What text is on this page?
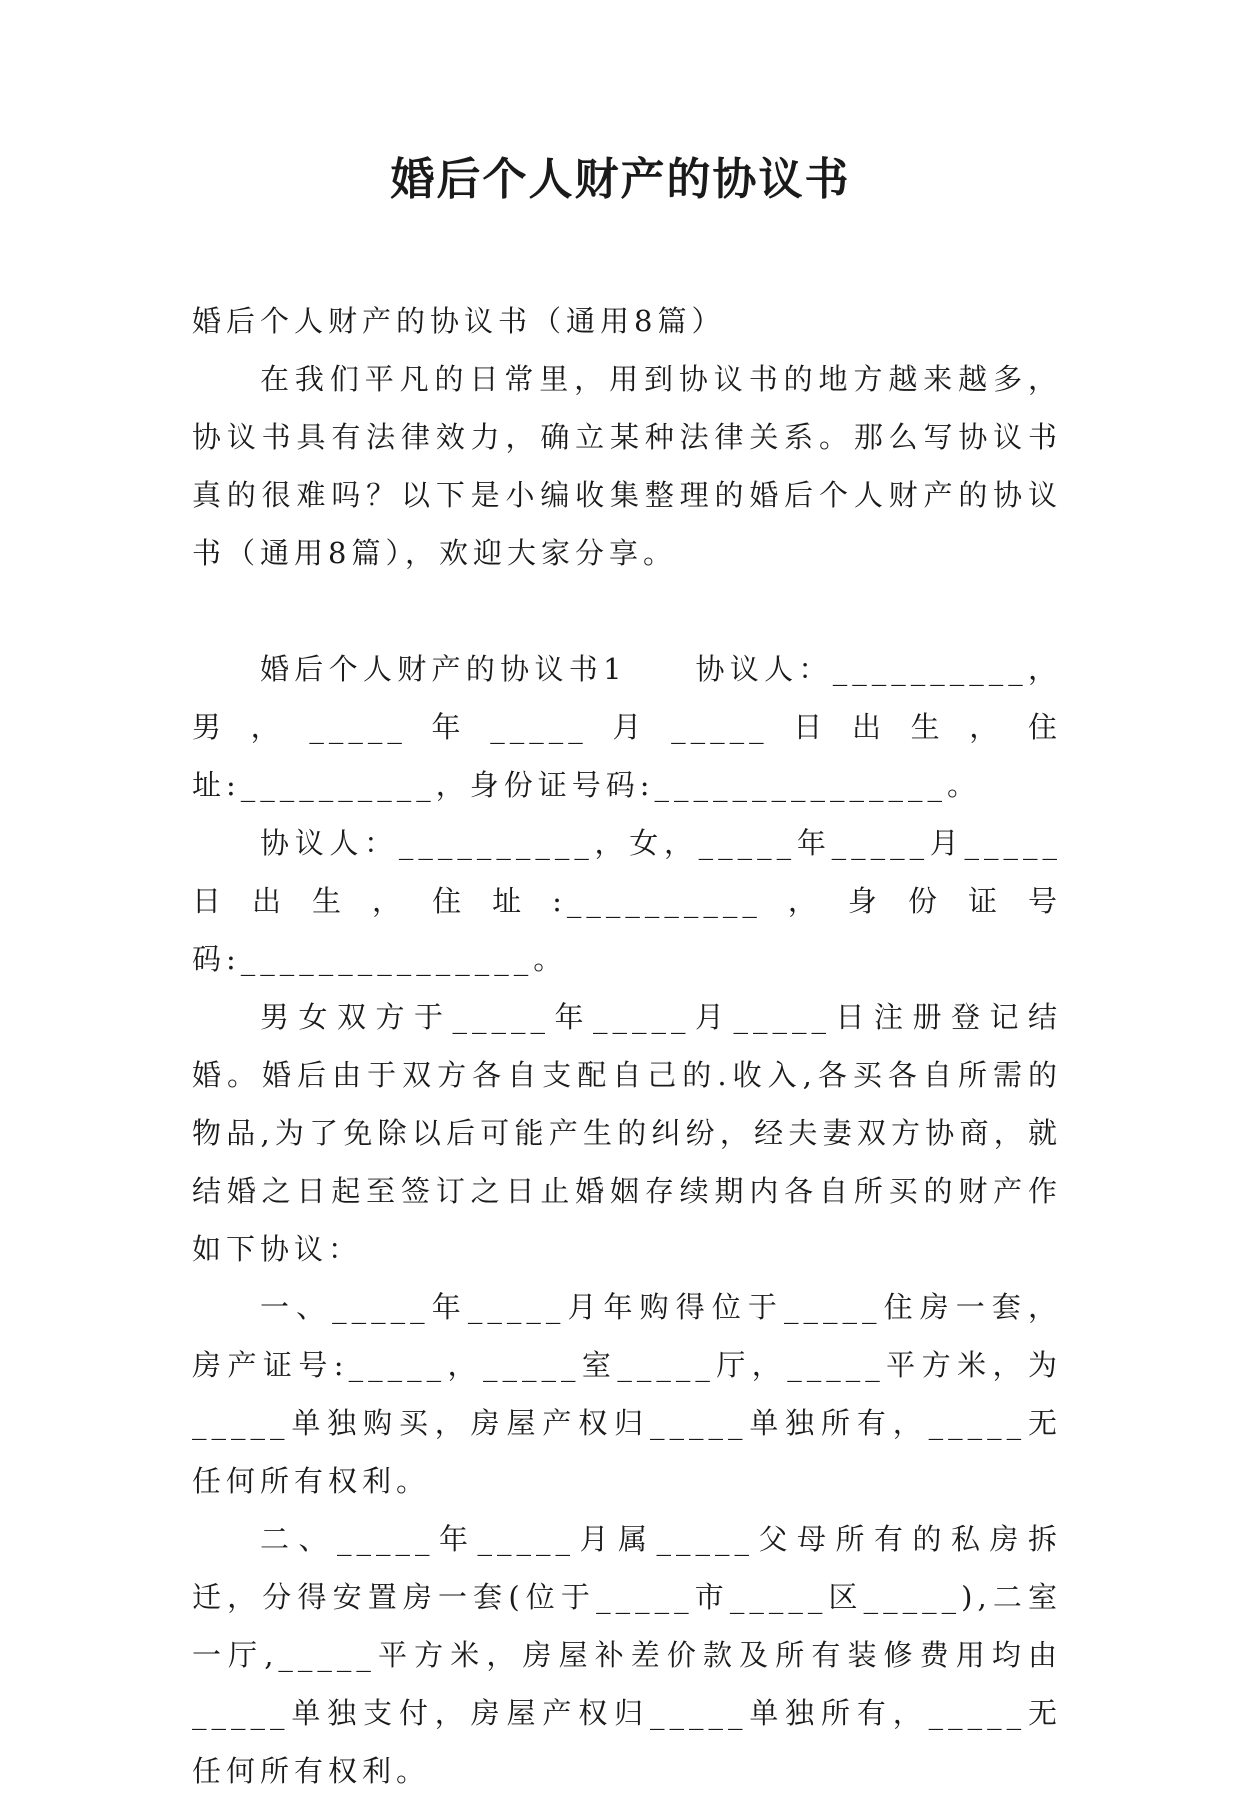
婚后个人财产的协议书

婚后个人财产的协议书（通用8篇）

在我们平凡的日常里，用到协议书的地方越来越多，协议书具有法律效力，确立某种法律关系。那么写协议书真的很难吗？以下是小编收集整理的婚后个人财产的协议书（通用8篇），欢迎大家分享。

婚后个人财产的协议书1　　协议人：__________，男，_____年_____月_____日出生，住址:__________，身份证号码:_______________。

协议人：__________，女，_____年_____月_____日出生，住址:__________，身份证号码:_______________。

男女双方于_____年_____月_____日注册登记结婚。婚后由于双方各自支配自己的.收入,各买各自所需的物品,为了免除以后可能产生的纠纷，经夫妻双方协商，就结婚之日起至签订之日止婚姻存续期内各自所买的财产作如下协议：

一、_____年_____月年购得位于_____住房一套，房产证号:_____，_____室_____厅，_____平方米，为_____单独购买，房屋产权归_____单独所有，_____无任何所有权利。

二、_____年_____月属_____父母所有的私房拆迁，分得安置房一套(位于_____市_____区_____),二室一厅,_____平方米，房屋补差价款及所有装修费用均由_____单独支付，房屋产权归_____单独所有，_____无任何所有权利。
